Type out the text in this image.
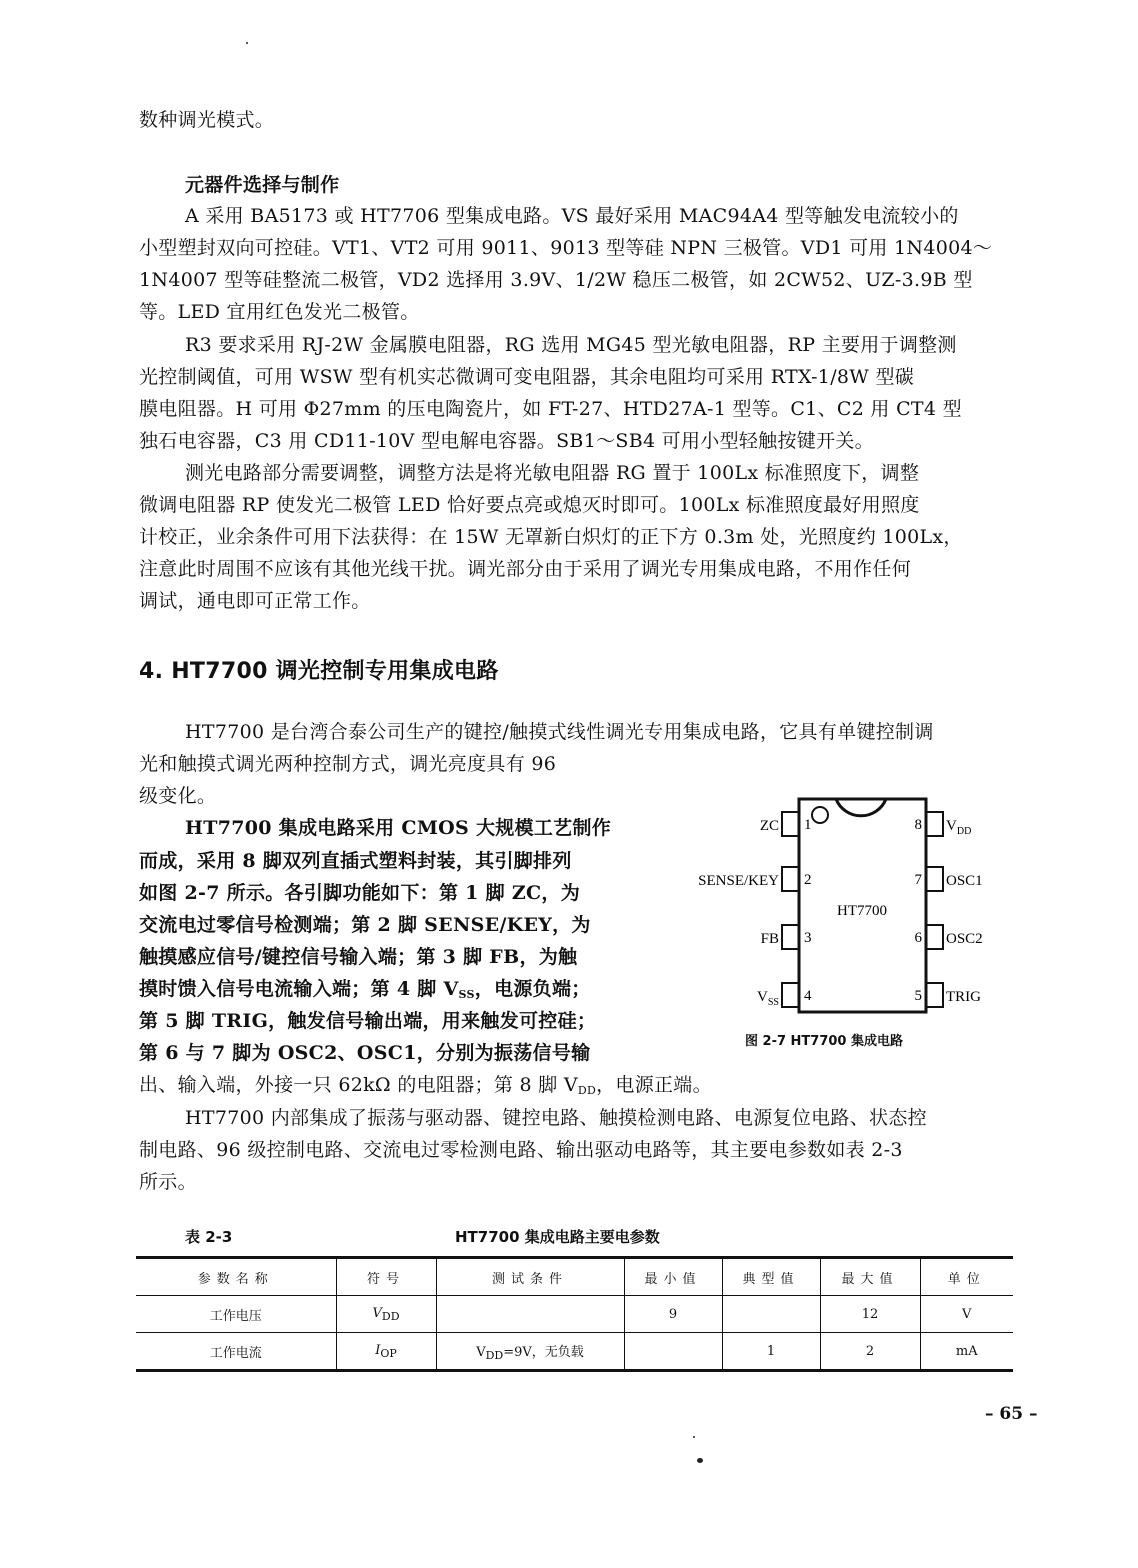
数种调光模式。
元器件选择与制作
A 采用 BA5173 或 HT7706 型集成电路。VS 最好采用 MAC94A4 型等触发电流较小的
小型塑封双向可控硅。VT1、VT2 可用 9011、9013 型等硅 NPN 三极管。VD1 可用 1N4004～
1N4007 型等硅整流二极管，VD2 选择用 3.9V、1/2W 稳压二极管，如 2CW52、UZ-3.9B 型
等。LED 宜用红色发光二极管。
R3 要求采用 RJ-2W 金属膜电阻器，RG 选用 MG45 型光敏电阻器，RP 主要用于调整测
光控制阈值，可用 WSW 型有机实芯微调可变电阻器，其余电阻均可采用 RTX-1/8W 型碳
膜电阻器。H 可用 Φ27mm 的压电陶瓷片，如 FT-27、HTD27A-1 型等。C1、C2 用 CT4 型
独石电容器，C3 用 CD11-10V 型电解电容器。SB1～SB4 可用小型轻触按键开关。
测光电路部分需要调整，调整方法是将光敏电阻器 RG 置于 100Lx 标准照度下，调整
微调电阻器 RP 使发光二极管 LED 恰好要点亮或熄灭时即可。100Lx 标准照度最好用照度
计校正，业余条件可用下法获得：在 15W 无罩新白炽灯的正下方 0.3m 处，光照度约 100Lx，
注意此时周围不应该有其他光线干扰。调光部分由于采用了调光专用集成电路，不用作任何
调试，通电即可正常工作。
4. HT7700 调光控制专用集成电路
HT7700 是台湾合泰公司生产的键控/触摸式线性调光专用集成电路，它具有单键控制调
光和触摸式调光两种控制方式，调光亮度具有 96
级变化。
HT7700 集成电路采用 CMOS 大规模工艺制作
而成，采用 8 脚双列直插式塑料封装，其引脚排列
如图 2-7 所示。各引脚功能如下：第 1 脚 ZC，为
交流电过零信号检测端；第 2 脚 SENSE/KEY，为
触摸感应信号/键控信号输入端；第 3 脚 FB，为触
摸时馈入信号电流输入端；第 4 脚 $V_{SS}$，电源负端；
第 5 脚 TRIG，触发信号输出端，用来触发可控硅；
第 6 与 7 脚为 OSC2、OSC1，分别为振荡信号输
出、输入端，外接一只 62kΩ 的电阻器；第 8 脚 $V_{DD}$，电源正端。
HT7700 内部集成了振荡与驱动器、键控电路、触摸检测电路、电源复位电路、状态控
制电路、96 级控制电路、交流电过零检测电路、输出驱动电路等，其主要电参数如表 2-3
所示。
HT7700
1
ZC
2
SENSE/KEY
3
FB
4
$V_{SS}$
8 $V_{DD}$
7 OSC1
6 OSC2
5 TRIG
图 2-7 HT7700 集成电路
表 2-3	HT7700 集成电路主要电参数
参数名称	符号	测试条件	最小值	典型值	最大值	单位
工作电压	$V_{DD}$		9		12	V
工作电流	$I_{OP}$	$V_{DD}=9V$，无负载		1	2	mA
– 65 –
